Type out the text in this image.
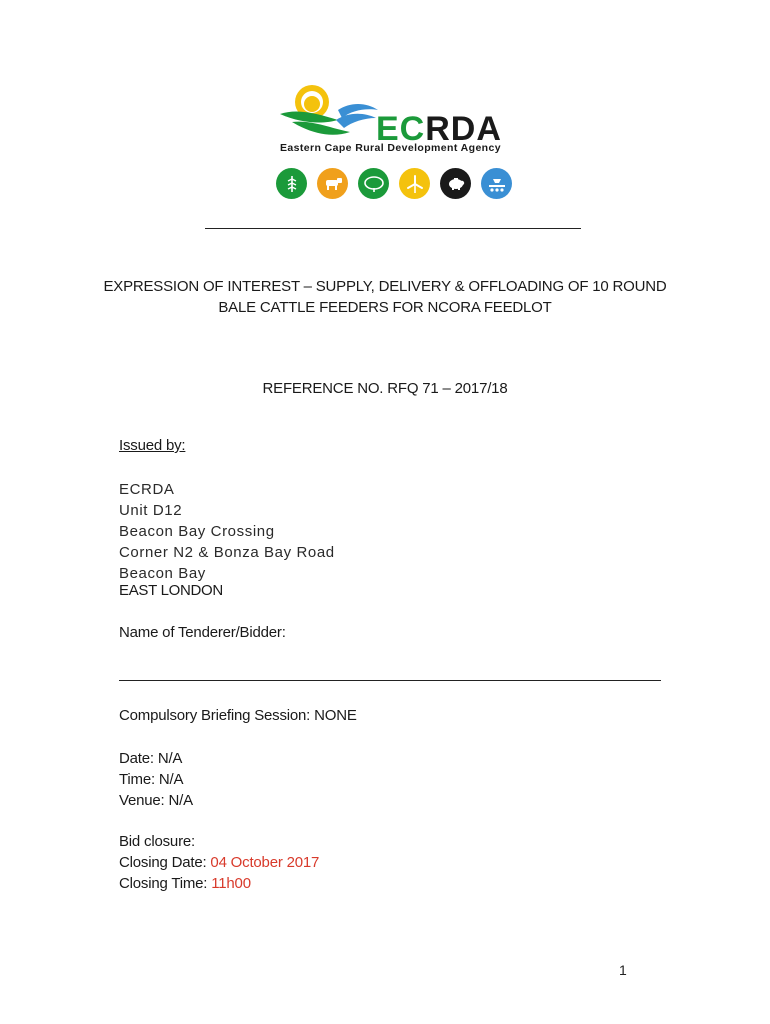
ECRDA
Eastern Cape Rural Development Agency
EXPRESSION OF INTEREST – SUPPLY, DELIVERY & OFFLOADING OF 10 ROUND
BALE CATTLE FEEDERS FOR NCORA FEEDLOT
REFERENCE NO. RFQ 71 – 2017/18
Issued by:
ECRDA
Unit D12
Beacon Bay Crossing
Corner N2 & Bonza Bay Road
Beacon Bay
EAST LONDON
Name of Tenderer/Bidder:
Compulsory Briefing Session: NONE
Date: N/A
Time: N/A
Venue: N/A
Bid closure:
Closing Date: 04 October 2017
Closing Time: 11h00
1
